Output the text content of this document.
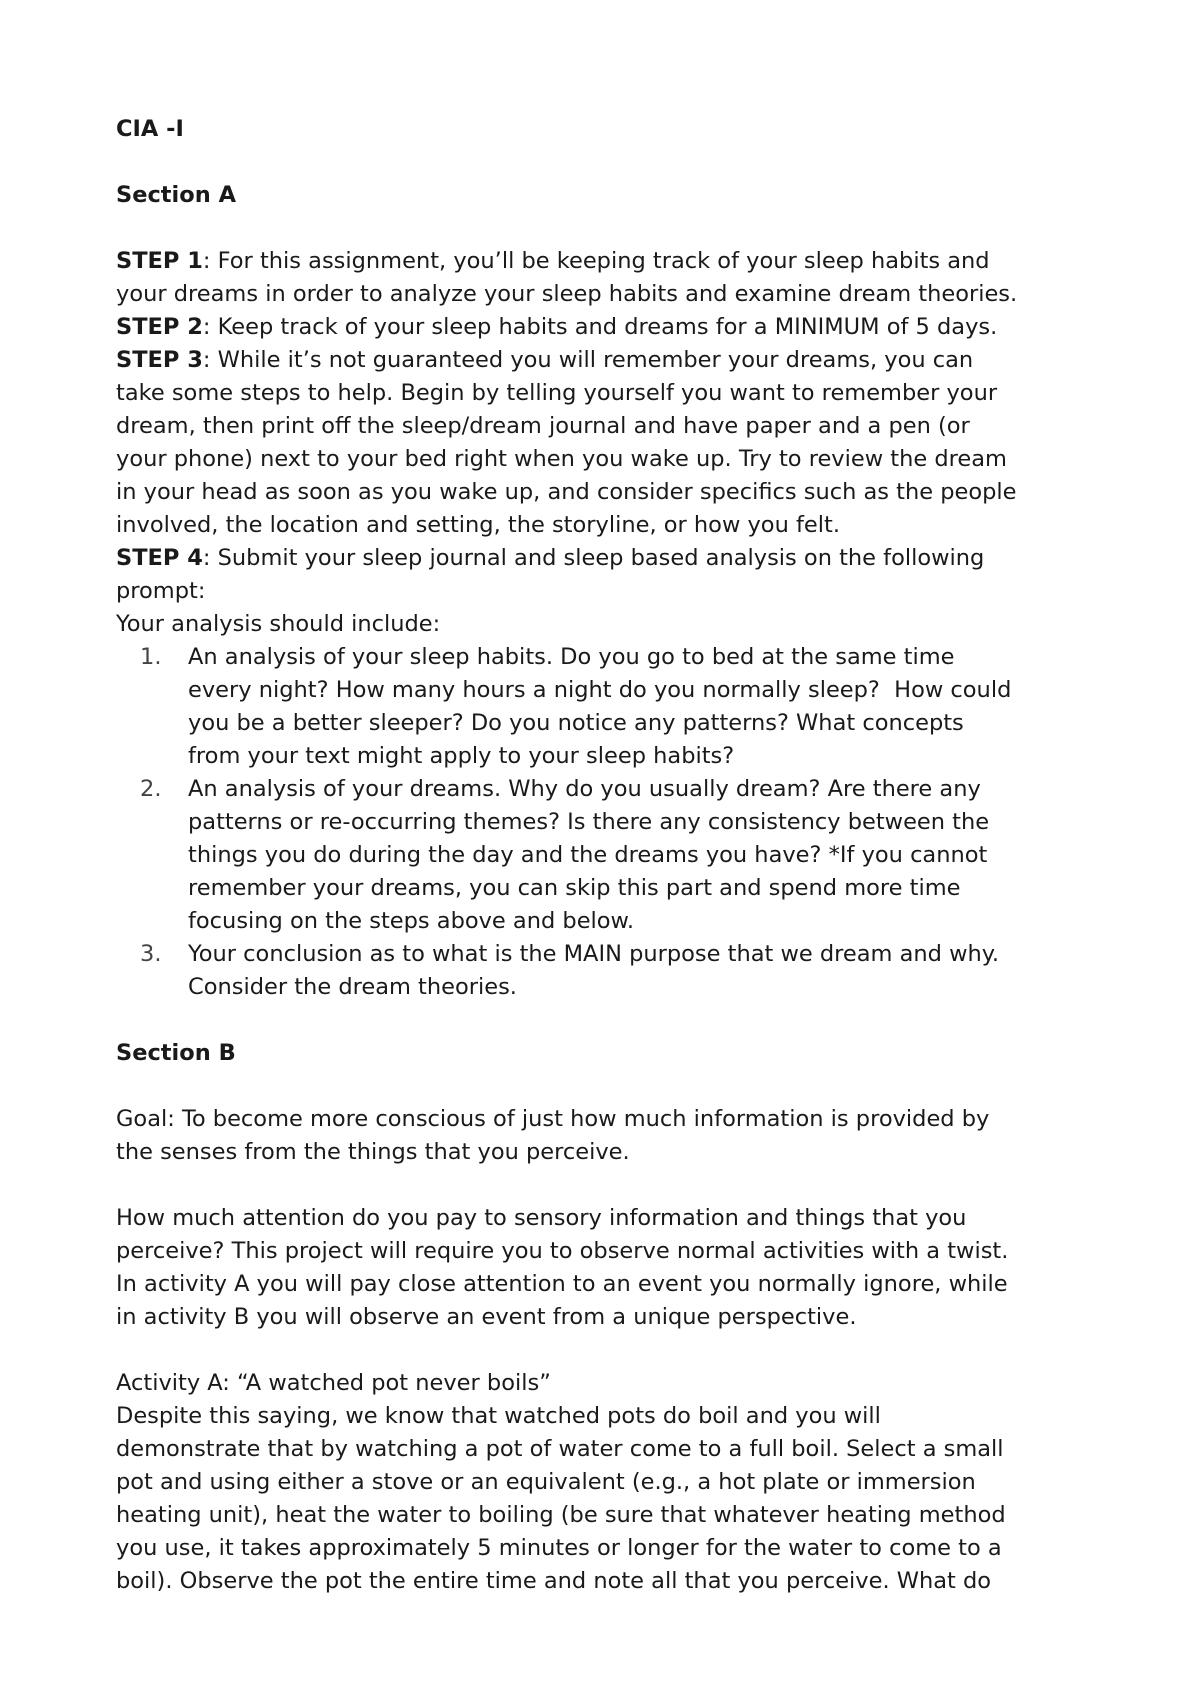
CIA -I
Section A
STEP 1: For this assignment, you’ll be keeping track of your sleep habits and
your dreams in order to analyze your sleep habits and examine dream theories.
STEP 2: Keep track of your sleep habits and dreams for a MINIMUM of 5 days.
STEP 3: While it’s not guaranteed you will remember your dreams, you can
take some steps to help. Begin by telling yourself you want to remember your
dream, then print off the sleep/dream journal and have paper and a pen (or
your phone) next to your bed right when you wake up. Try to review the dream
in your head as soon as you wake up, and consider specifics such as the people
involved, the location and setting, the storyline, or how you felt.
STEP 4: Submit your sleep journal and sleep based analysis on the following
prompt:
Your analysis should include:
1. An analysis of your sleep habits. Do you go to bed at the same time
every night? How many hours a night do you normally sleep?  How could
you be a better sleeper? Do you notice any patterns? What concepts
from your text might apply to your sleep habits?
2. An analysis of your dreams. Why do you usually dream? Are there any
patterns or re-occurring themes? Is there any consistency between the
things you do during the day and the dreams you have? *If you cannot
remember your dreams, you can skip this part and spend more time
focusing on the steps above and below.
3. Your conclusion as to what is the MAIN purpose that we dream and why.
Consider the dream theories.
Section B
Goal: To become more conscious of just how much information is provided by
the senses from the things that you perceive.
How much attention do you pay to sensory information and things that you
perceive? This project will require you to observe normal activities with a twist.
In activity A you will pay close attention to an event you normally ignore, while
in activity B you will observe an event from a unique perspective.
Activity A: “A watched pot never boils”
Despite this saying, we know that watched pots do boil and you will
demonstrate that by watching a pot of water come to a full boil. Select a small
pot and using either a stove or an equivalent (e.g., a hot plate or immersion
heating unit), heat the water to boiling (be sure that whatever heating method
you use, it takes approximately 5 minutes or longer for the water to come to a
boil). Observe the pot the entire time and note all that you perceive. What do
